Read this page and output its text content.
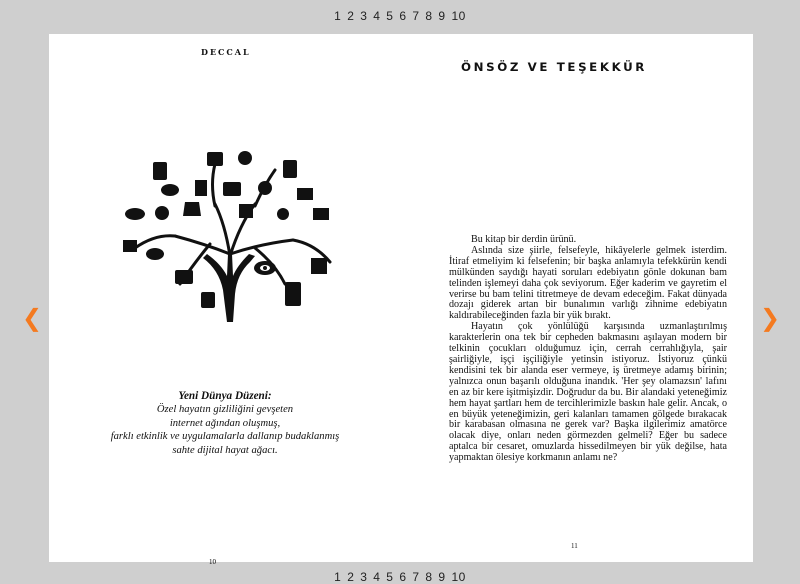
1 2 3 4 5 6 7 8 9 10
DECCAL
Yeni Dünya Düzeni:
Özel hayatın gizliliğini gevşeten
internet ağından oluşmuş,
farklı etkinlik ve uygulamalarla dallanıp budaklanmış
sahte dijital hayat ağacı.
10
ÖNSÖZ VE TEŞEKKÜR

Bu kitap bir derdin ürünü.

Aslında size şiirle, felsefeyle, hikâyelerle gelmek isterdim. İtiraf etmeliyim ki felsefenin; bir başka anlamıyla tefekkürün kendi mülkünden saydığı hayati soruları edebiyatın gönle dokunan bam telinden işlemeyi daha çok seviyorum. Eğer kaderim ve gayretim el verirse bu bam telini titretmeye de devam edeceğim. Fakat dünyada dozajı giderek artan bir bunalımın varlığı zihnime edebiyatın kaldırabileceğinden fazla bir yük bırakt.

Hayatın çok yönlülüğü karşısında uzmanlaştırılmış karakterlerin ona tek bir cepheden bakmasını aşılayan modern bir telkinin çocukları olduğumuz için, cerrah cerrahlığıyla, şair şairliğiyle, işçi işçiliğiyle yetinsin istiyoruz. İstiyoruz çünkü kendisini tek bir alanda eser vermeye, iş üretmeye adamış birinin; yalnızca onun başarılı olduğuna inandık. 'Her şey olamazsın' lafını en az bir kere işitmişizdir. Doğrudur da bu. Bir alandaki yeteneğimiz hem hayat şartları hem de tercihlerimizle baskın hale gelir. Ancak, o en büyük yeteneğimizin, geri kalanları tamamen gölgede bırakacak bir karabasan olmasına ne gerek var? Başka ilgilerimiz amatörce olacak diye, onları neden görmezden gelmeli? Eğer bu sadece aptalca bir cesaret, omuzlarda hissedilmeyen bir yük değilse, hata yapmaktan ölesiye korkmanın anlamı ne?

11
❮	❯
1 2 3 4 5 6 7 8 9 10
